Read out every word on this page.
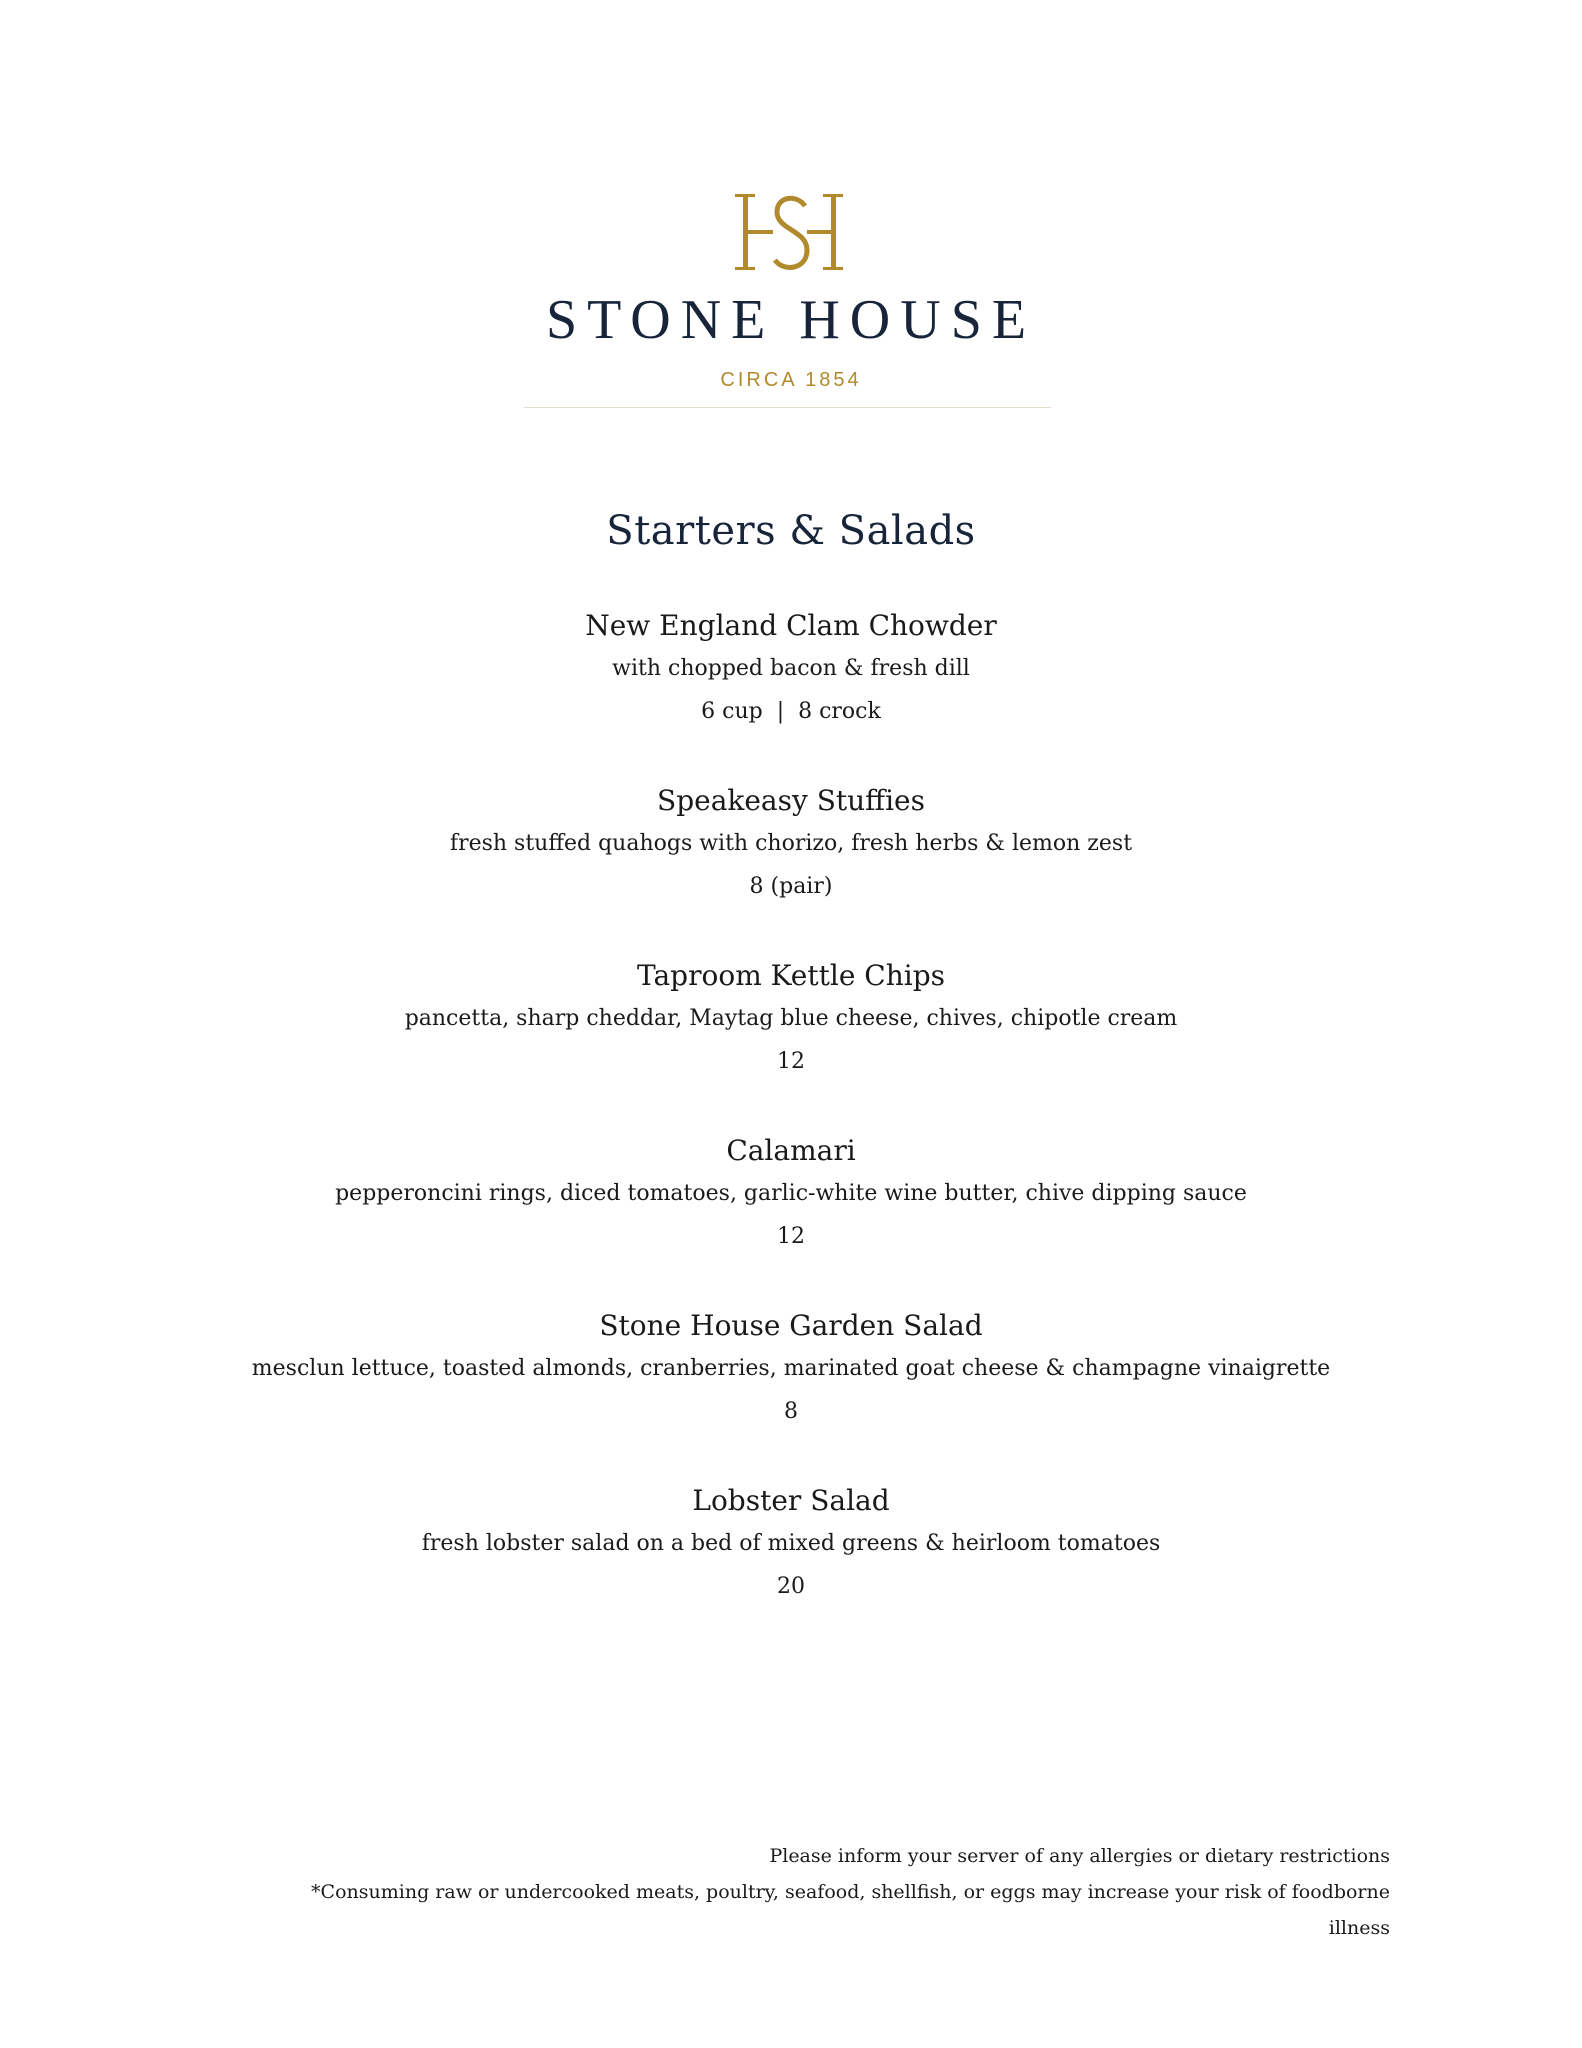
STONE HOUSE
CIRCA 1854
Starters & Salads
New England Clam Chowder
with chopped bacon & fresh dill
6 cup  |  8 crock
Speakeasy Stuffies
fresh stuffed quahogs with chorizo, fresh herbs & lemon zest
8 (pair)
Taproom Kettle Chips
pancetta, sharp cheddar, Maytag blue cheese, chives, chipotle cream
12
Calamari
pepperoncini rings, diced tomatoes, garlic-white wine butter, chive dipping sauce
12
Stone House Garden Salad
mesclun lettuce, toasted almonds, cranberries, marinated goat cheese & champagne vinaigrette
8
Lobster Salad
fresh lobster salad on a bed of mixed greens & heirloom tomatoes
20
Please inform your server of any allergies or dietary restrictions
*Consuming raw or undercooked meats, poultry, seafood, shellfish, or eggs may increase your risk of foodborne
illness
